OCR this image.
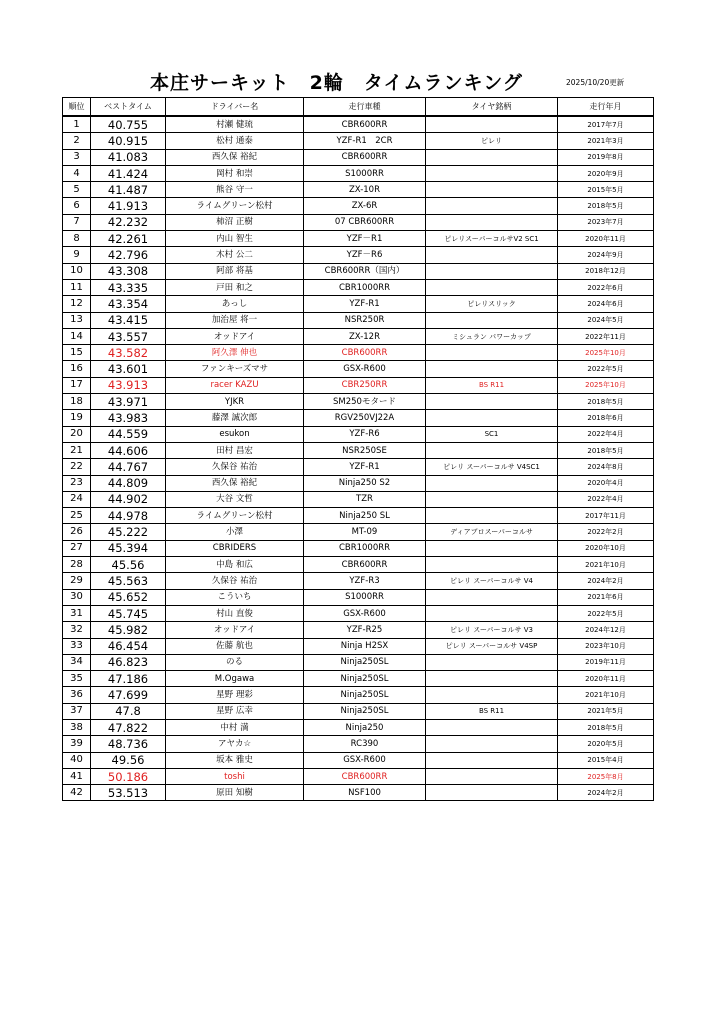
本庄サーキット　2輪　タイムランキング	2025/10/20更新
順位	ベストタイム	ドライバー名	走行車種	タイヤ銘柄	走行年月
1	40.755	村瀬 健琉	CBR600RR		2017年7月
2	40.915	松村 通泰	YZF-R1　2CR	ピレリ	2021年3月
3	41.083	西久保 裕紀	CBR600RR		2019年8月
4	41.424	岡村 和崇	S1000RR		2020年9月
5	41.487	熊谷 守一	ZX-10R		2015年5月
6	41.913	ライムグリーン松村	ZX-6R		2018年5月
7	42.232	柿沼 正樹	07 CBR600RR		2023年7月
8	42.261	内山 智生	YZF－R1	ピレリスーパーコルサV2 SC1	2020年11月
9	42.796	木村 公二	YZF－R6		2024年9月
10	43.308	阿部 将基	CBR600RR（国内）		2018年12月
11	43.335	戸田 和之	CBR1000RR		2022年6月
12	43.354	あっし	YZF-R1	ピレリスリック	2024年6月
13	43.415	加治屋 将一	NSR250R		2024年5月
14	43.557	オッドアイ	ZX-12R	ミシュラン パワーカップ	2022年11月
15	43.582	阿久澤 伸也	CBR600RR		2025年10月
16	43.601	ファンキーズマサ	GSX-R600		2022年5月
17	43.913	racer KAZU	CBR250RR	BS R11	2025年10月
18	43.971	YJKR	SM250モタード		2018年5月
19	43.983	藤澤 誠次郎	RGV250VJ22A		2018年6月
20	44.559	esukon	YZF-R6	SC1	2022年4月
21	44.606	田村 昌宏	NSR250SE		2018年5月
22	44.767	久保谷 祐治	YZF-R1	ピレリ スーパーコルサ V4SC1	2024年8月
23	44.809	西久保 裕紀	Ninja250 S2		2020年4月
24	44.902	大谷 文哲	TZR		2022年4月
25	44.978	ライムグリーン松村	Ninja250 SL		2017年11月
26	45.222	小澤	MT-09	ディアブロスーパーコルサ	2022年2月
27	45.394	CBRIDERS	CBR1000RR		2020年10月
28	45.56	中島 和広	CBR600RR		2021年10月
29	45.563	久保谷 祐治	YZF-R3	ピレリ スーパーコルサ V4	2024年2月
30	45.652	こういち	S1000RR		2021年6月
31	45.745	村山 直俊	GSX-R600		2022年5月
32	45.982	オッドアイ	YZF-R25	ピレリ スーパーコルサ V3	2024年12月
33	46.454	佐藤 航也	Ninja H2SX	ピレリ スーパーコルサ V4SP	2023年10月
34	46.823	のる	Ninja250SL		2019年11月
35	47.186	M.Ogawa	Ninja250SL		2020年11月
36	47.699	星野 理彩	Ninja250SL		2021年10月
37	47.8	星野 広幸	Ninja250SL	BS R11	2021年5月
38	47.822	中村 満	Ninja250		2018年5月
39	48.736	アヤカ☆	RC390		2020年5月
40	49.56	坂本 雅史	GSX-R600		2015年4月
41	50.186	toshi	CBR600RR		2025年8月
42	53.513	原田 知樹	NSF100		2024年2月
